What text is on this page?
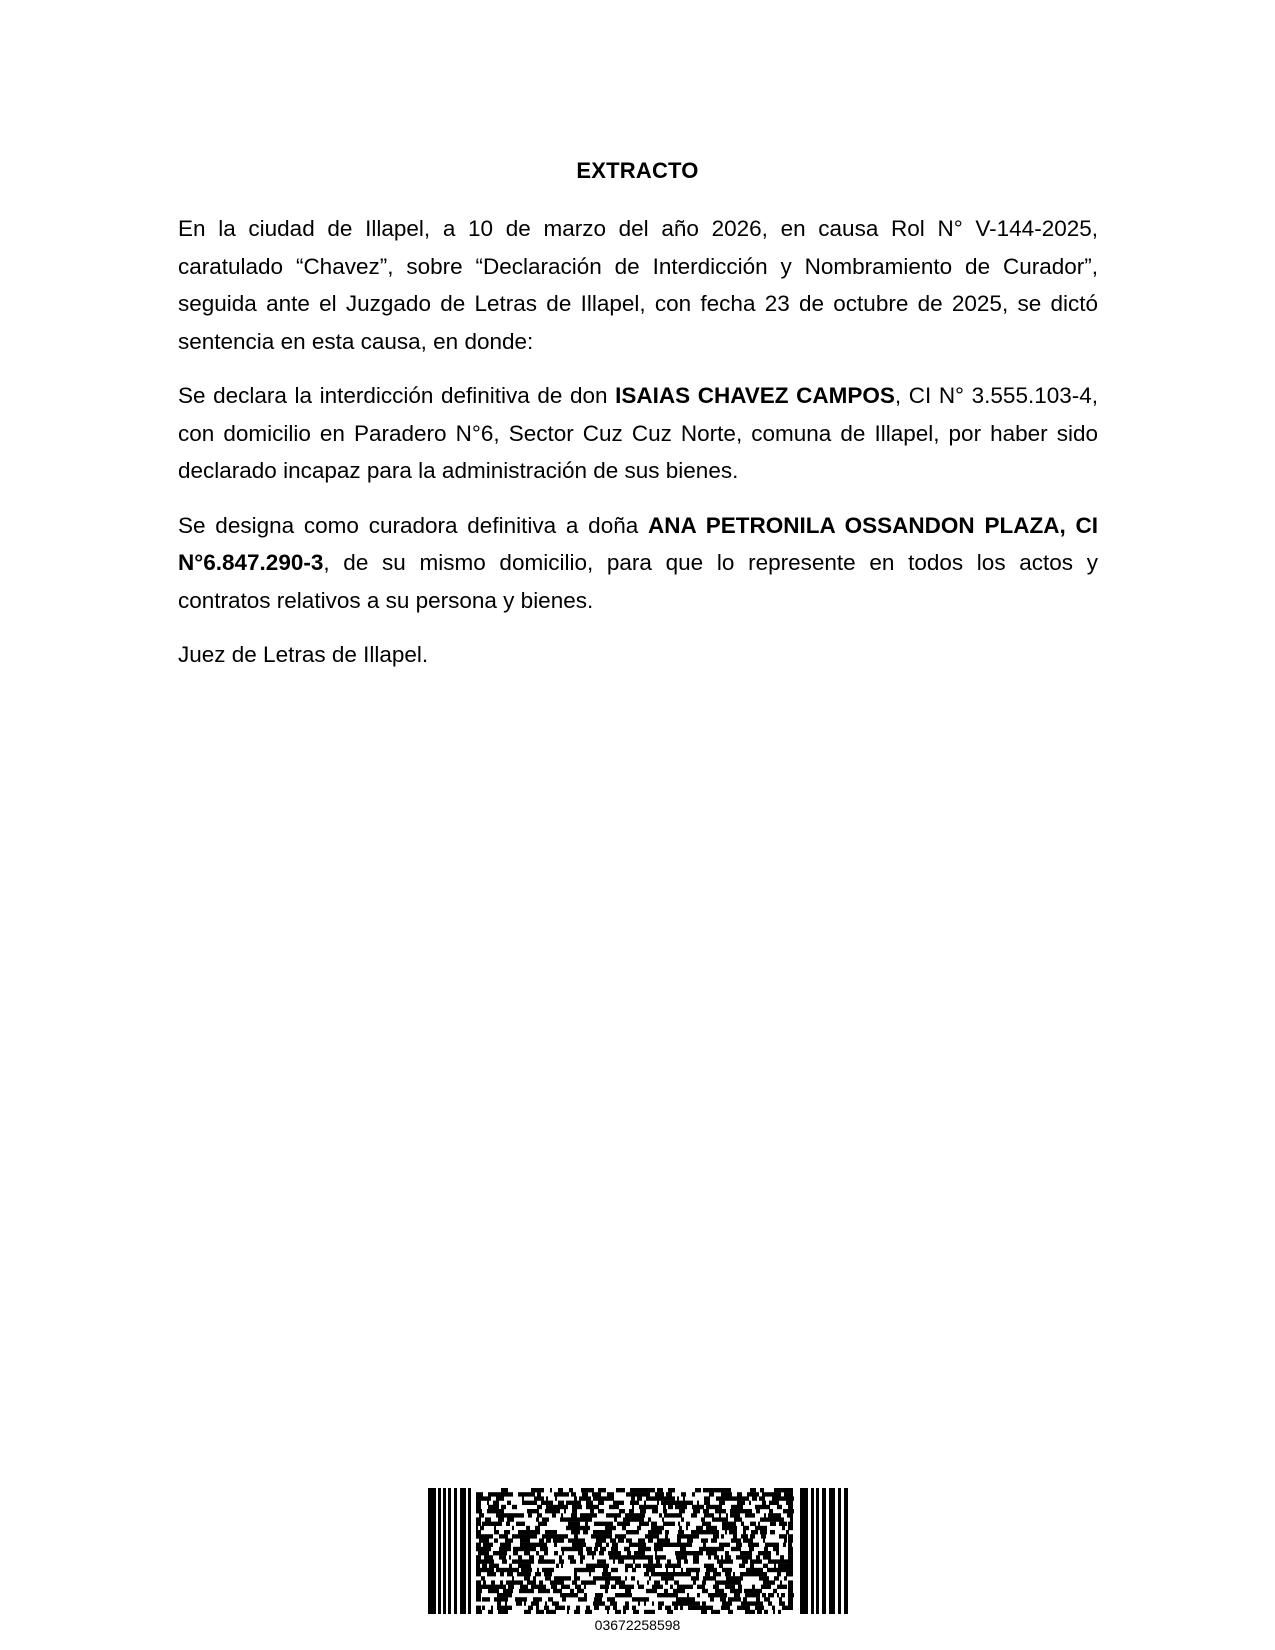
EXTRACTO

En la ciudad de Illapel, a 10 de marzo del año 2026, en causa Rol N° V-144-2025, caratulado “Chavez”, sobre “Declaración de Interdicción y Nombramiento de Curador”, seguida ante el Juzgado de Letras de Illapel, con fecha 23 de octubre de 2025, se dictó sentencia en esta causa, en donde:

Se declara la interdicción definitiva de don ISAIAS CHAVEZ CAMPOS, CI N° 3.555.103-4, con domicilio en Paradero N°6, Sector Cuz Cuz Norte, comuna de Illapel, por haber sido declarado incapaz para la administración de sus bienes.

Se designa como curadora definitiva a doña ANA PETRONILA OSSANDON PLAZA, CI N°6.847.290-3, de su mismo domicilio, para que lo represente en todos los actos y contratos relativos a su persona y bienes.

Juez de Letras de Illapel.

03672258598
